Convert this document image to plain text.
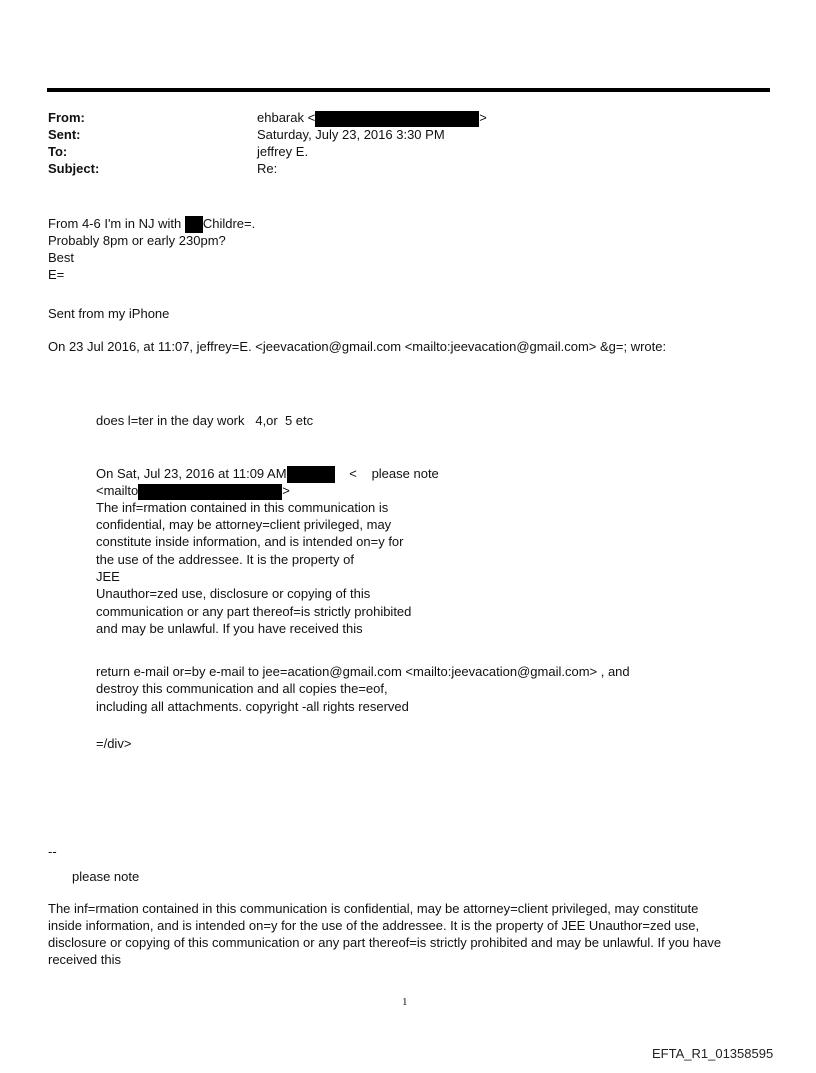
From:	ehbarak <	>
Sent:	Saturday, July 23, 2016 3:30 PM
To:	jeffrey E.
Subject:	Re:
From 4-6 I'm in NJ with Childre=.
Probably 8pm or early 230pm?
Best
E=
Sent from my iPhone
On 23 Jul 2016, at 11:07, jeffrey=E. <jeevacation@gmail.com <mailto:jeevacation@gmail.com> &g=; wrote:
does l=ter in the day work   4,or  5 etc
On Sat, Jul 23, 2016 at 11:09 AM	< please note
<mailto	>
The inf=rmation contained in this communication is
confidential, may be attorney=client privileged, may
constitute inside information, and is intended on=y for
the use of the addressee. It is the property of
JEE
Unauthor=zed use, disclosure or copying of this
communication or any part thereof=is strictly prohibited
and may be unlawful. If you have received this
return e-mail or=by e-mail to jee=acation@gmail.com <mailto:jeevacation@gmail.com> , and
destroy this communication and all copies the=eof,
including all attachments. copyright -all rights reserved
=/div>
--
please note
The inf=rmation contained in this communication is confidential, may be attorney=client privileged, may constitute
inside information, and is intended on=y for the use of the addressee. It is the property of JEE Unauthor=zed use,
disclosure or copying of this communication or any part thereof=is strictly prohibited and may be unlawful. If you have
received this
1
EFTA_R1_01358595
